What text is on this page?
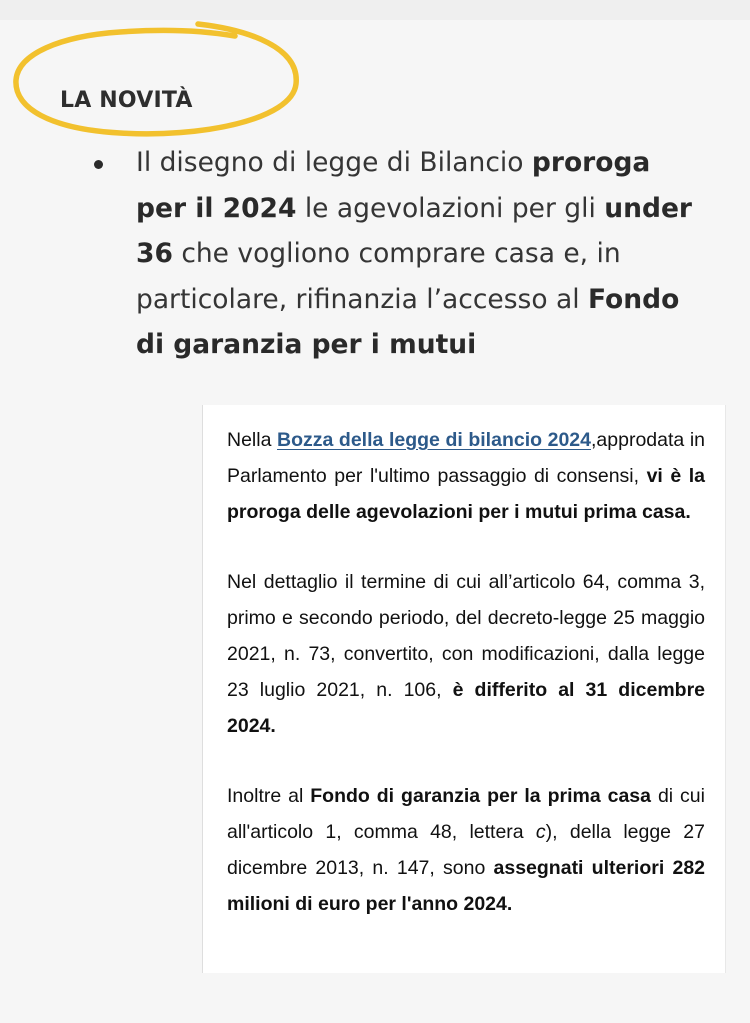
LA NOVITÀ
Il disegno di legge di Bilancio proroga per il 2024 le agevolazioni per gli under 36 che vogliono comprare casa e, in particolare, rifinanzia l’accesso al Fondo di garanzia per i mutui

Nella Bozza della legge di bilancio 2024,approdata in Parlamento per l'ultimo passaggio di consensi, vi è la proroga delle agevolazioni per i mutui prima casa.

Nel dettaglio il termine di cui all’articolo 64, comma 3, primo e secondo periodo, del decreto-legge 25 maggio 2021, n. 73, convertito, con modificazioni, dalla legge 23 luglio 2021, n. 106, è differito al 31 dicembre 2024.

Inoltre al Fondo di garanzia per la prima casa di cui all'articolo 1, comma 48, lettera c), della legge 27 dicembre 2013, n. 147, sono assegnati ulteriori 282 milioni di euro per l'anno 2024.
